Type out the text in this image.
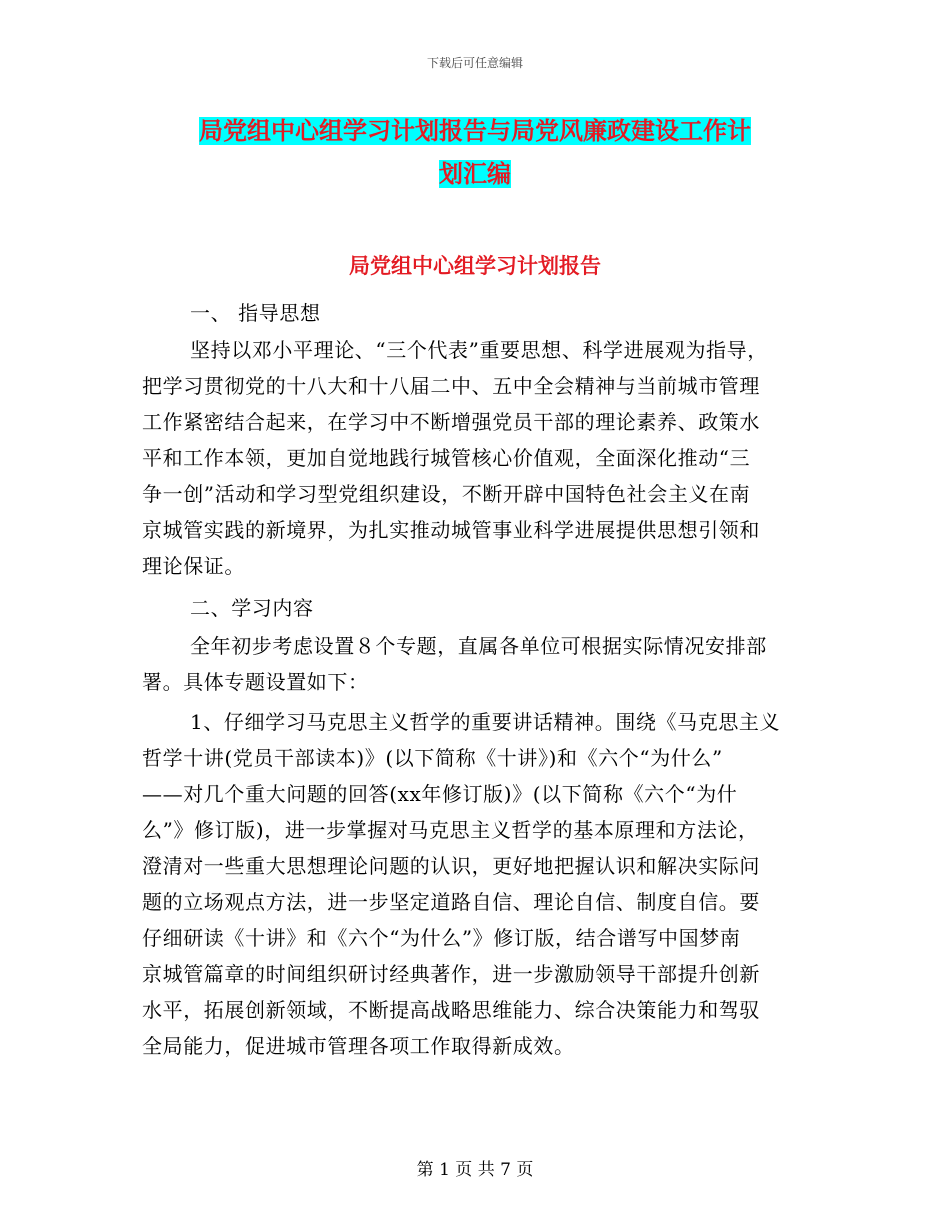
下载后可任意编辑
局党组中心组学习计划报告与局党风廉政建设工作计
划汇编
局党组中心组学习计划报告
一、 指导思想
坚持以邓小平理论、“三个代表”重要思想、科学进展观为指导，
把学习贯彻党的十八大和十八届二中、五中全会精神与当前城市管理
工作紧密结合起来，在学习中不断增强党员干部的理论素养、政策水
平和工作本领，更加自觉地践行城管核心价值观，全面深化推动“三
争一创”活动和学习型党组织建设，不断开辟中国特色社会主义在南
京城管实践的新境界，为扎实推动城管事业科学进展提供思想引领和
理论保证。
二、学习内容
全年初步考虑设置８个专题，直属各单位可根据实际情况安排部
署。具体专题设置如下：
1、仔细学习马克思主义哲学的重要讲话精神。围绕《马克思主义
哲学十讲(党员干部读本)》(以下简称《十讲》)和《六个“为什么”
——对几个重大问题的回答(xx年修订版)》(以下简称《六个“为什
么”》修订版)，进一步掌握对马克思主义哲学的基本原理和方法论，
澄清对一些重大思想理论问题的认识，更好地把握认识和解决实际问
题的立场观点方法，进一步坚定道路自信、理论自信、制度自信。要
仔细研读《十讲》和《六个“为什么”》修订版，结合谱写中国梦南
京城管篇章的时间组织研讨经典著作，进一步激励领导干部提升创新
水平，拓展创新领域，不断提高战略思维能力、综合决策能力和驾驭
全局能力，促进城市管理各项工作取得新成效。
第 1 页 共 7 页
